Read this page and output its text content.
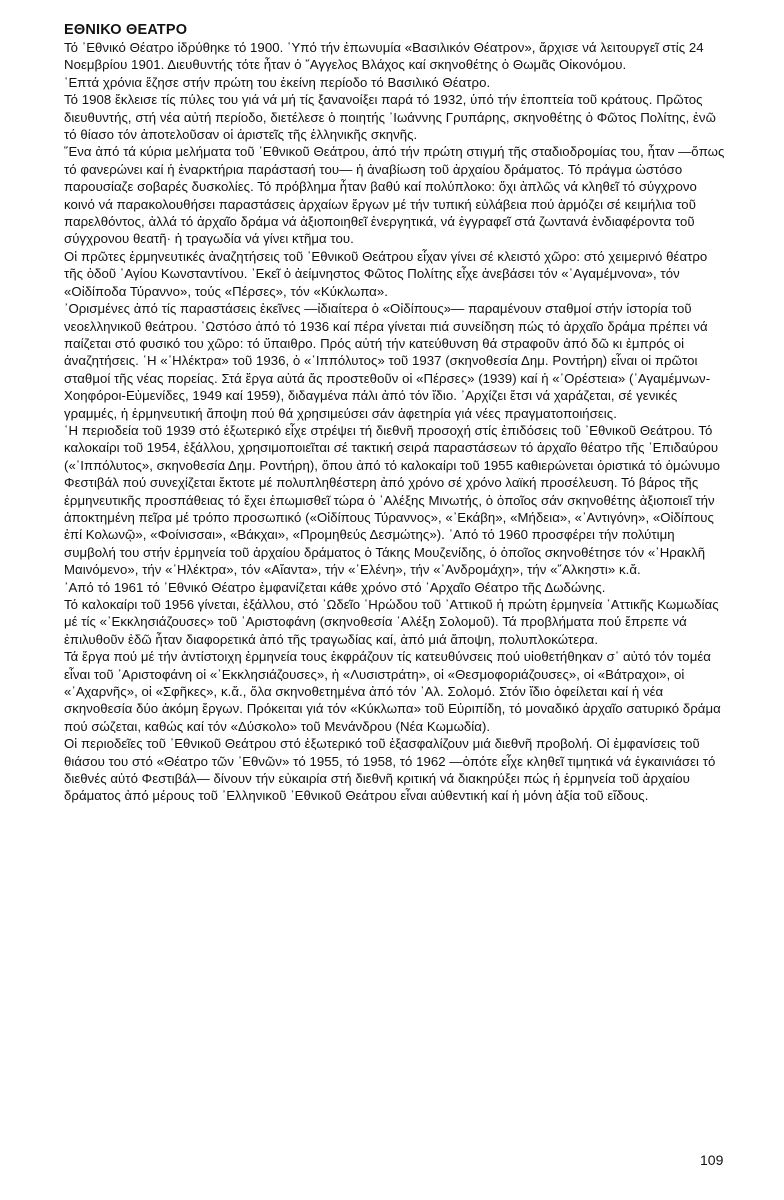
ΕΘΝΙΚΟ ΘΕΑΤΡΟ

Τό ᾽Εθνικό Θέατρο ἱδρύθηκε τό 1900. ῾Υπό τήν ἐπωνυμία «Βασιλικόν Θέατρον», ἄρχισε νά λειτουργεῖ στίς 24 Νοεμβρίου 1901. Διευθυντής τότε ἦταν ὁ ῎Αγγελος Βλάχος καί σκηνοθέτης ὁ Θωμᾶς Οἰκονόμου.

῾Επτά χρόνια ἔζησε στήν πρώτη του ἐκείνη περίοδο τό Βασιλικό Θέατρο.

Τό 1908 ἔκλεισε τίς πύλες του γιά νά μή τίς ξανανοίξει παρά τό 1932, ὑπό τήν ἐποπτεία τοῦ κράτους. Πρῶτος διευθυντής, στή νέα αὐτή περίοδο, διετέλεσε ὁ ποιητής ᾽Ιωάννης Γρυπάρης, σκηνοθέτης ὁ Φῶτος Πολίτης, ἐνῶ τό θίασο τόν ἀποτελοῦσαν οἱ ἀριστεῖς τῆς ἑλληνικῆς σκηνῆς.

῞Ενα ἀπό τά κύρια μελήματα τοῦ ᾽Εθνικοῦ Θεάτρου, ἀπό τήν πρώτη στιγμή τῆς σταδιοδρομίας του, ἦταν —ὅπως τό φανερώνει καί ἡ ἐναρκτήρια παράστασή του— ἡ ἀναβίωση τοῦ ἀρχαίου δράματος. Τό πράγμα ὡστόσο παρουσίαζε σοβαρές δυσκολίες. Τό πρόβλημα ἦταν βαθύ καί πολύπλοκο: ὄχι ἁπλῶς νά κληθεῖ τό σύγχρονο κοινό νά παρακολουθήσει παραστάσεις ἀρχαίων ἔργων μέ τήν τυπική εὐλάβεια πού ἁρμόζει σέ κειμήλια τοῦ παρελθόντος, ἀλλά τό ἀρχαῖο δράμα νά ἀξιοποιηθεῖ ἐνεργητικά, νά ἐγγραφεῖ στά ζωντανά ἐνδιαφέροντα τοῦ σύγχρονου θεατῆ· ἡ τραγωδία νά γίνει κτῆμα του.

Οἱ πρῶτες ἑρμηνευτικές ἀναζητήσεις τοῦ ᾽Εθνικοῦ Θεάτρου εἶχαν γίνει σέ κλειστό χῶρο: στό χειμερινό θέατρο τῆς ὁδοῦ ῾Αγίου Κωνσταντίνου. ᾽Εκεῖ ὁ ἀείμνηστος Φῶτος Πολίτης εἶχε ἀνεβάσει τόν «᾽Αγαμέμνονα», τόν «Οἰδίποδα Τύραννο», τούς «Πέρσες», τόν «Κύκλωπα».

᾽Ορισμένες ἀπό τίς παραστάσεις ἐκεῖνες —ἰδιαίτερα ὁ «Οἰδίπους»— παραμένουν σταθμοί στήν ἱστορία τοῦ νεοελληνικοῦ θεάτρου. ῾Ωστόσο ἀπό τό 1936 καί πέρα γίνεται πιά συνείδηση πώς τό ἀρχαῖο δράμα πρέπει νά παίζεται στό φυσικό του χῶρο: τό ὕπαιθρο. Πρός αὐτή τήν κατεύθυνση θά στραφοῦν ἀπό δῶ κι ἐμπρός οἱ ἀναζητήσεις. ῾Η «᾽Ηλέκτρα» τοῦ 1936, ὁ «῾Ιππόλυτος» τοῦ 1937 (σκηνοθεσία Δημ. Ροντήρη) εἶναι οἱ πρῶτοι σταθμοί τῆς νέας πορείας. Στά ἔργα αὐτά ἄς προστεθοῦν οἱ «Πέρσες» (1939) καί ἡ «᾽Ορέστεια» (᾽Αγαμέμνων-Χοηφόροι-Εὐμενίδες, 1949 καί 1959), διδαγμένα πάλι ἀπό τόν ἴδιο. ᾽Αρχίζει ἔτσι νά χαράζεται, σέ γενικές γραμμές, ἡ ἑρμηνευτική ἄποψη πού θά χρησιμεύσει σάν ἀφετηρία γιά νέες πραγματοποιήσεις.

῾Η περιοδεία τοῦ 1939 στό ἐξωτερικό εἶχε στρέψει τή διεθνῆ προσοχή στίς ἐπιδόσεις τοῦ ᾽Εθνικοῦ Θεάτρου. Τό καλοκαίρι τοῦ 1954, ἐξάλλου, χρησιμοποιεῖται σέ τακτική σειρά παραστάσεων τό ἀρχαῖο θέατρο τῆς ᾽Επιδαύρου («῾Ιππόλυτος», σκηνοθεσία Δημ. Ροντήρη), ὅπου ἀπό τό καλοκαίρι τοῦ 1955 καθιερώνεται ὁριστικά τό ὁμώνυμο Φεστιβάλ πού συνεχίζεται ἔκτοτε μέ πολυπληθέστερη ἀπό χρόνο σέ χρόνο λαϊκή προσέλευση. Τό βάρος τῆς ἑρμηνευτικῆς προσπάθειας τό ἔχει ἐπωμισθεῖ τώρα ὁ ᾽Αλέξης Μινωτής, ὁ ὁποῖος σάν σκηνοθέτης ἀξιοποιεῖ τήν ἀποκτημένη πεῖρα μέ τρόπο προσωπικό («Οἰδίπους Τύραννος», «᾽Εκάβη», «Μήδεια», «᾽Αντιγόνη», «Οἰδίπους ἐπί Κολωνῷ», «Φοίνισσαι», «Βάκχαι», «Προμηθεύς Δεσμώτης»). ᾽Από τό 1960 προσφέρει τήν πολύτιμη συμβολή του στήν ἑρμηνεία τοῦ ἀρχαίου δράματος ὁ Τάκης Μουζενίδης, ὁ ὁποῖος σκηνοθέτησε τόν «῾Ηρακλῆ Μαινόμενο», τήν «᾽Ηλέκτρα», τόν «Αἴαντα», τήν «῾Ελένη», τήν «᾽Ανδρομάχη», τήν «῎Αλκηστι» κ.ἄ.

᾽Από τό 1961 τό ᾽Εθνικό Θέατρο ἐμφανίζεται κάθε χρόνο στό ᾽Αρχαῖο Θέατρο τῆς Δωδώνης.

Τό καλοκαίρι τοῦ 1956 γίνεται, ἐξάλλου, στό ᾽Ωδεῖο ῾Ηρώδου τοῦ ᾽Αττικοῦ ἡ πρώτη ἑρμηνεία ᾽Αττικῆς Κωμωδίας μέ τίς «᾽Εκκλησιάζουσες» τοῦ ᾽Αριστοφάνη (σκηνοθεσία ᾽Αλέξη Σολομοῦ). Τά προβλήματα πού ἔπρεπε νά ἐπιλυθοῦν ἐδῶ ἦταν διαφορετικά ἀπό τῆς τραγωδίας καί, ἀπό μιά ἄποψη, πολυπλοκώτερα.

Τά ἔργα πού μέ τήν ἀντίστοιχη ἑρμηνεία τους ἐκφράζουν τίς κατευθύνσεις πού υἱοθετήθηκαν σ᾽ αὐτό τόν τομέα εἶναι τοῦ ᾽Αριστοφάνη οἱ «᾽Εκκλησιάζουσες», ἡ «Λυσιστράτη», οἱ «Θεσμοφοριάζουσες», οἱ «Βάτραχοι», οἱ «᾽Αχαρνῆς», οἱ «Σφῆκες», κ.ἄ., ὅλα σκηνοθετημένα ἀπό τόν ᾽Αλ. Σολομό. Στόν ἴδιο ὀφείλεται καί ἡ νέα σκηνοθεσία δύο ἀκόμη ἔργων. Πρόκειται γιά τόν «Κύκλωπα» τοῦ Εὐριπίδη, τό μοναδικό ἀρχαῖο σατυρικό δράμα πού σώζεται, καθώς καί τόν «Δύσκολο» τοῦ Μενάνδρου (Νέα Κωμωδία).

Οἱ περιοδεῖες τοῦ ᾽Εθνικοῦ Θεάτρου στό ἐξωτερικό τοῦ ἐξασφαλίζουν μιά διεθνῆ προβολή. Οἱ ἐμφανίσεις τοῦ θιάσου του στό «Θέατρο τῶν ᾽Εθνῶν» τό 1955, τό 1958, τό 1962 —ὁπότε εἶχε κληθεῖ τιμητικά νά ἐγκαινιάσει τό διεθνές αὐτό Φεστιβάλ— δίνουν τήν εὐκαιρία στή διεθνῆ κριτική νά διακηρύξει πώς ἡ ἑρμηνεία τοῦ ἀρχαίου δράματος ἀπό μέρους τοῦ ᾽Ελληνικοῦ ᾽Εθνικοῦ Θεάτρου εἶναι αὐθεντική καί ἡ μόνη ἀξία τοῦ εἴδους.

109
